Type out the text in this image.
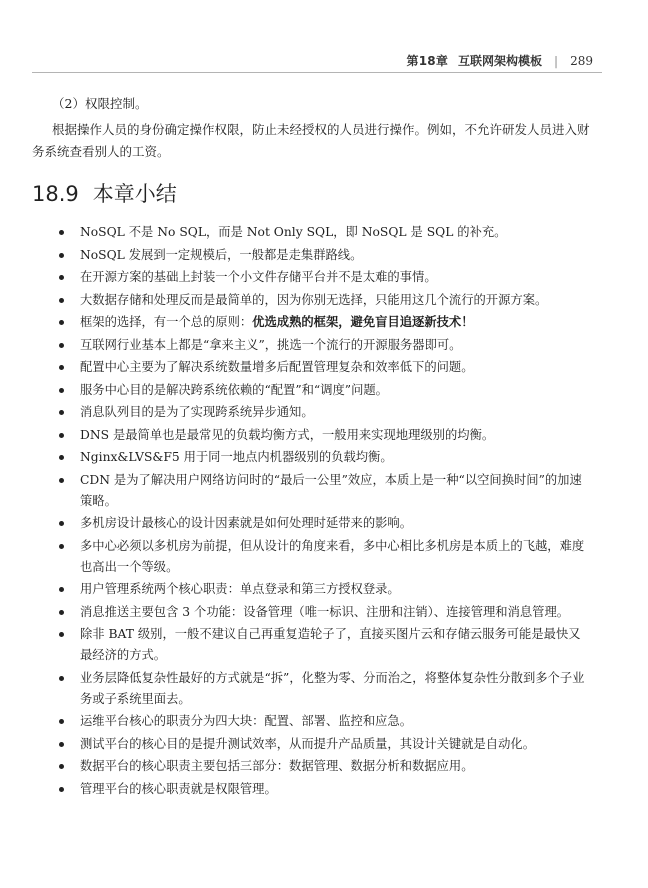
第18章 互联网架构模板 | 289

（2）权限控制。

根据操作人员的身份确定操作权限，防止未经授权的人员进行操作。例如，不允许研发人员进入财务系统查看别人的工资。

18.9 本章小结
NoSQL 不是 No SQL，而是 Not Only SQL，即 NoSQL 是 SQL 的补充。
NoSQL 发展到一定规模后，一般都是走集群路线。
在开源方案的基础上封装一个小文件存储平台并不是太难的事情。
大数据存储和处理反而是最简单的，因为你别无选择，只能用这几个流行的开源方案。
框架的选择，有一个总的原则：优选成熟的框架，避免盲目追逐新技术！
互联网行业基本上都是“拿来主义”，挑选一个流行的开源服务器即可。
配置中心主要为了解决系统数量增多后配置管理复杂和效率低下的问题。
服务中心目的是解决跨系统依赖的“配置”和“调度”问题。
消息队列目的是为了实现跨系统异步通知。
DNS 是最简单也是最常见的负载均衡方式，一般用来实现地理级别的均衡。
Nginx&LVS&F5 用于同一地点内机器级别的负载均衡。
CDN 是为了解决用户网络访问时的“最后一公里”效应，本质上是一种“以空间换时间”的加速策略。
多机房设计最核心的设计因素就是如何处理时延带来的影响。
多中心必须以多机房为前提，但从设计的角度来看，多中心相比多机房是本质上的飞越，难度也高出一个等级。
用户管理系统两个核心职责：单点登录和第三方授权登录。
消息推送主要包含 3 个功能：设备管理（唯一标识、注册和注销）、连接管理和消息管理。
除非 BAT 级别，一般不建议自己再重复造轮子了，直接买图片云和存储云服务可能是最快又最经济的方式。
业务层降低复杂性最好的方式就是“拆”，化整为零、分而治之，将整体复杂性分散到多个子业务或子系统里面去。
运维平台核心的职责分为四大块：配置、部署、监控和应急。
测试平台的核心目的是提升测试效率，从而提升产品质量，其设计关键就是自动化。
数据平台的核心职责主要包括三部分：数据管理、数据分析和数据应用。
管理平台的核心职责就是权限管理。
